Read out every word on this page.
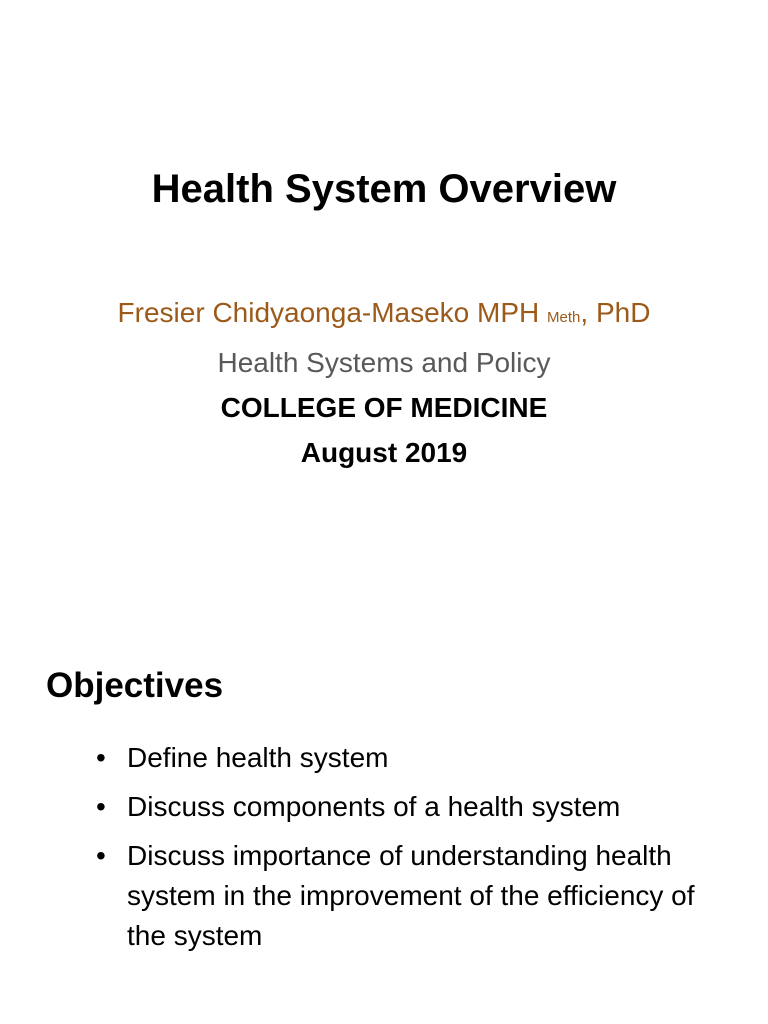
Health System Overview
Fresier Chidyaonga-Maseko MPH Meth, PhD
Health Systems and Policy
COLLEGE OF MEDICINE
August 2019
Objectives
• Define health system
• Discuss components of a health system
• Discuss importance of understanding health system in the improvement of the efficiency of the system
